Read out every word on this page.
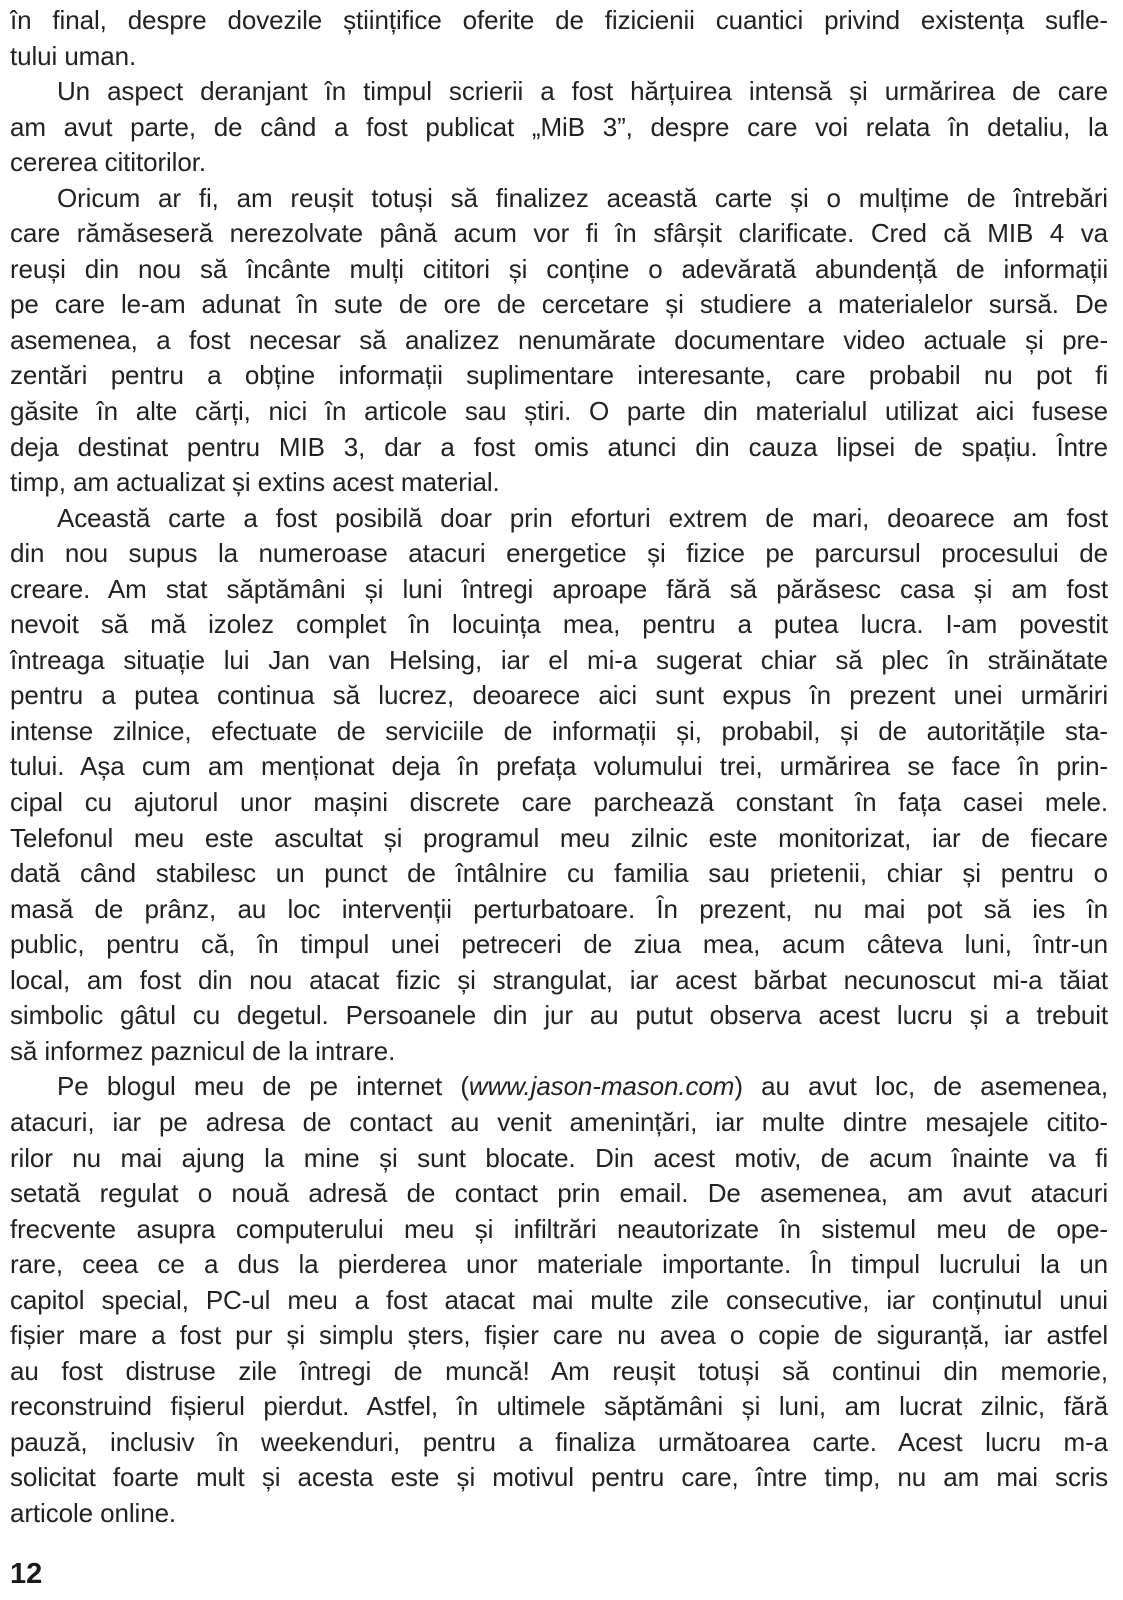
în final, despre dovezile științifice oferite de fizicienii cuantici privind existența sufle-
tului uman.
Un aspect deranjant în timpul scrierii a fost hărțuirea intensă și urmărirea de care
am avut parte, de când a fost publicat „MiB 3”, despre care voi relata în detaliu, la
cererea cititorilor.
Oricum ar fi, am reușit totuși să finalizez această carte și o mulțime de întrebări
care rămăseseră nerezolvate până acum vor fi în sfârșit clarificate. Cred că MIB 4 va
reuși din nou să încânte mulți cititori și conține o adevărată abundență de informații
pe care le-am adunat în sute de ore de cercetare și studiere a materialelor sursă. De
asemenea, a fost necesar să analizez nenumărate documentare video actuale și pre-
zentări pentru a obține informații suplimentare interesante, care probabil nu pot fi
găsite în alte cărți, nici în articole sau știri. O parte din materialul utilizat aici fusese
deja destinat pentru MIB 3, dar a fost omis atunci din cauza lipsei de spațiu. Între
timp, am actualizat și extins acest material.
Această carte a fost posibilă doar prin eforturi extrem de mari, deoarece am fost
din nou supus la numeroase atacuri energetice și fizice pe parcursul procesului de
creare. Am stat săptămâni și luni întregi aproape fără să părăsesc casa și am fost
nevoit să mă izolez complet în locuința mea, pentru a putea lucra. I-am povestit
întreaga situație lui Jan van Helsing, iar el mi-a sugerat chiar să plec în străinătate
pentru a putea continua să lucrez, deoarece aici sunt expus în prezent unei urmăriri
intense zilnice, efectuate de serviciile de informații și, probabil, și de autoritățile sta-
tului. Așa cum am menționat deja în prefața volumului trei, urmărirea se face în prin-
cipal cu ajutorul unor mașini discrete care parchează constant în fața casei mele.
Telefonul meu este ascultat și programul meu zilnic este monitorizat, iar de fiecare
dată când stabilesc un punct de întâlnire cu familia sau prietenii, chiar și pentru o
masă de prânz, au loc intervenții perturbatoare. În prezent, nu mai pot să ies în
public, pentru că, în timpul unei petreceri de ziua mea, acum câteva luni, într-un
local, am fost din nou atacat fizic și strangulat, iar acest bărbat necunoscut mi-a tăiat
simbolic gâtul cu degetul. Persoanele din jur au putut observa acest lucru și a trebuit
să informez paznicul de la intrare.
Pe blogul meu de pe internet (www.jason-mason.com) au avut loc, de asemenea,
atacuri, iar pe adresa de contact au venit amenințări, iar multe dintre mesajele citito-
rilor nu mai ajung la mine și sunt blocate. Din acest motiv, de acum înainte va fi
setată regulat o nouă adresă de contact prin email. De asemenea, am avut atacuri
frecvente asupra computerului meu și infiltrări neautorizate în sistemul meu de ope-
rare, ceea ce a dus la pierderea unor materiale importante. În timpul lucrului la un
capitol special, PC-ul meu a fost atacat mai multe zile consecutive, iar conținutul unui
fișier mare a fost pur și simplu șters, fișier care nu avea o copie de siguranță, iar astfel
au fost distruse zile întregi de muncă! Am reușit totuși să continui din memorie,
reconstruind fișierul pierdut. Astfel, în ultimele săptămâni și luni, am lucrat zilnic, fără
pauză, inclusiv în weekenduri, pentru a finaliza următoarea carte. Acest lucru m-a
solicitat foarte mult și acesta este și motivul pentru care, între timp, nu am mai scris
articole online.
12
